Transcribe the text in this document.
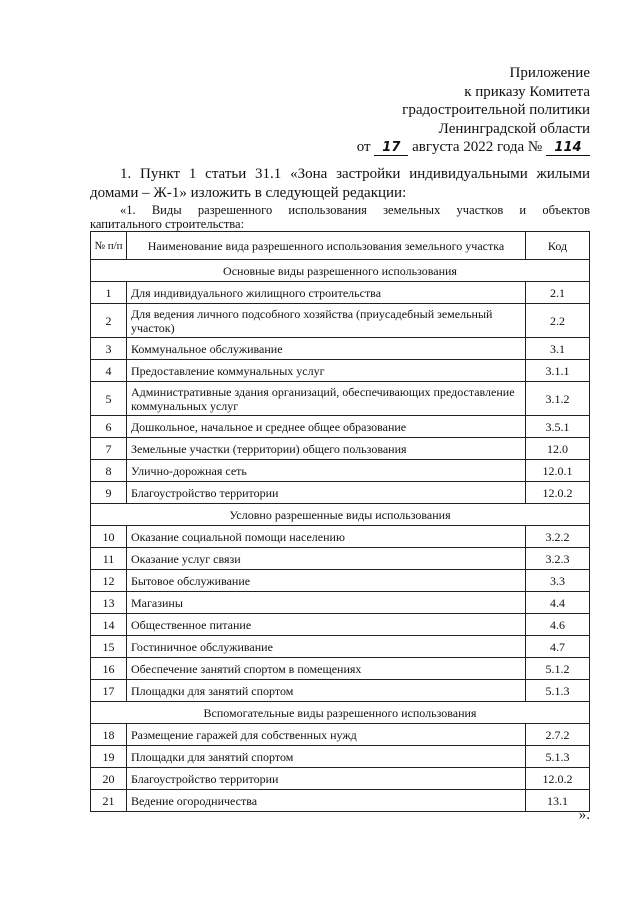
Приложение
к приказу Комитета
градостроительной политики
Ленинградской области
от 17 августа 2022 года № 114
1. Пункт 1 статьи 31.1 «Зона застройки индивидуальными жилыми
домами – Ж-1» изложить в следующей редакции:
«1. Виды разрешенного использования земельных участков и объектов
капитального строительства:
№ п/п	Наименование вида разрешенного использования земельного участка	Код
Основные виды разрешенного использования		
1	Для индивидуального жилищного строительства	2.1
2	Для ведения личного подсобного хозяйства (приусадебный земельный участок)	2.2
3	Коммунальное обслуживание	3.1
4	Предоставление коммунальных услуг	3.1.1
5	Административные здания организаций, обеспечивающих предоставление коммунальных услуг	3.1.2
6	Дошкольное, начальное и среднее общее образование	3.5.1
7	Земельные участки (территории) общего пользования	12.0
8	Улично-дорожная сеть	12.0.1
9	Благоустройство территории	12.0.2
Условно разрешенные виды использования		
10	Оказание социальной помощи населению	3.2.2
11	Оказание услуг связи	3.2.3
12	Бытовое обслуживание	3.3
13	Магазины	4.4
14	Общественное питание	4.6
15	Гостиничное обслуживание	4.7
16	Обеспечение занятий спортом в помещениях	5.1.2
17	Площадки для занятий спортом	5.1.3
Вспомогательные виды разрешенного использования		
18	Размещение гаражей для собственных нужд	2.7.2
19	Площадки для занятий спортом	5.1.3
20	Благоустройство территории	12.0.2
21	Ведение огородничества	13.1
».
